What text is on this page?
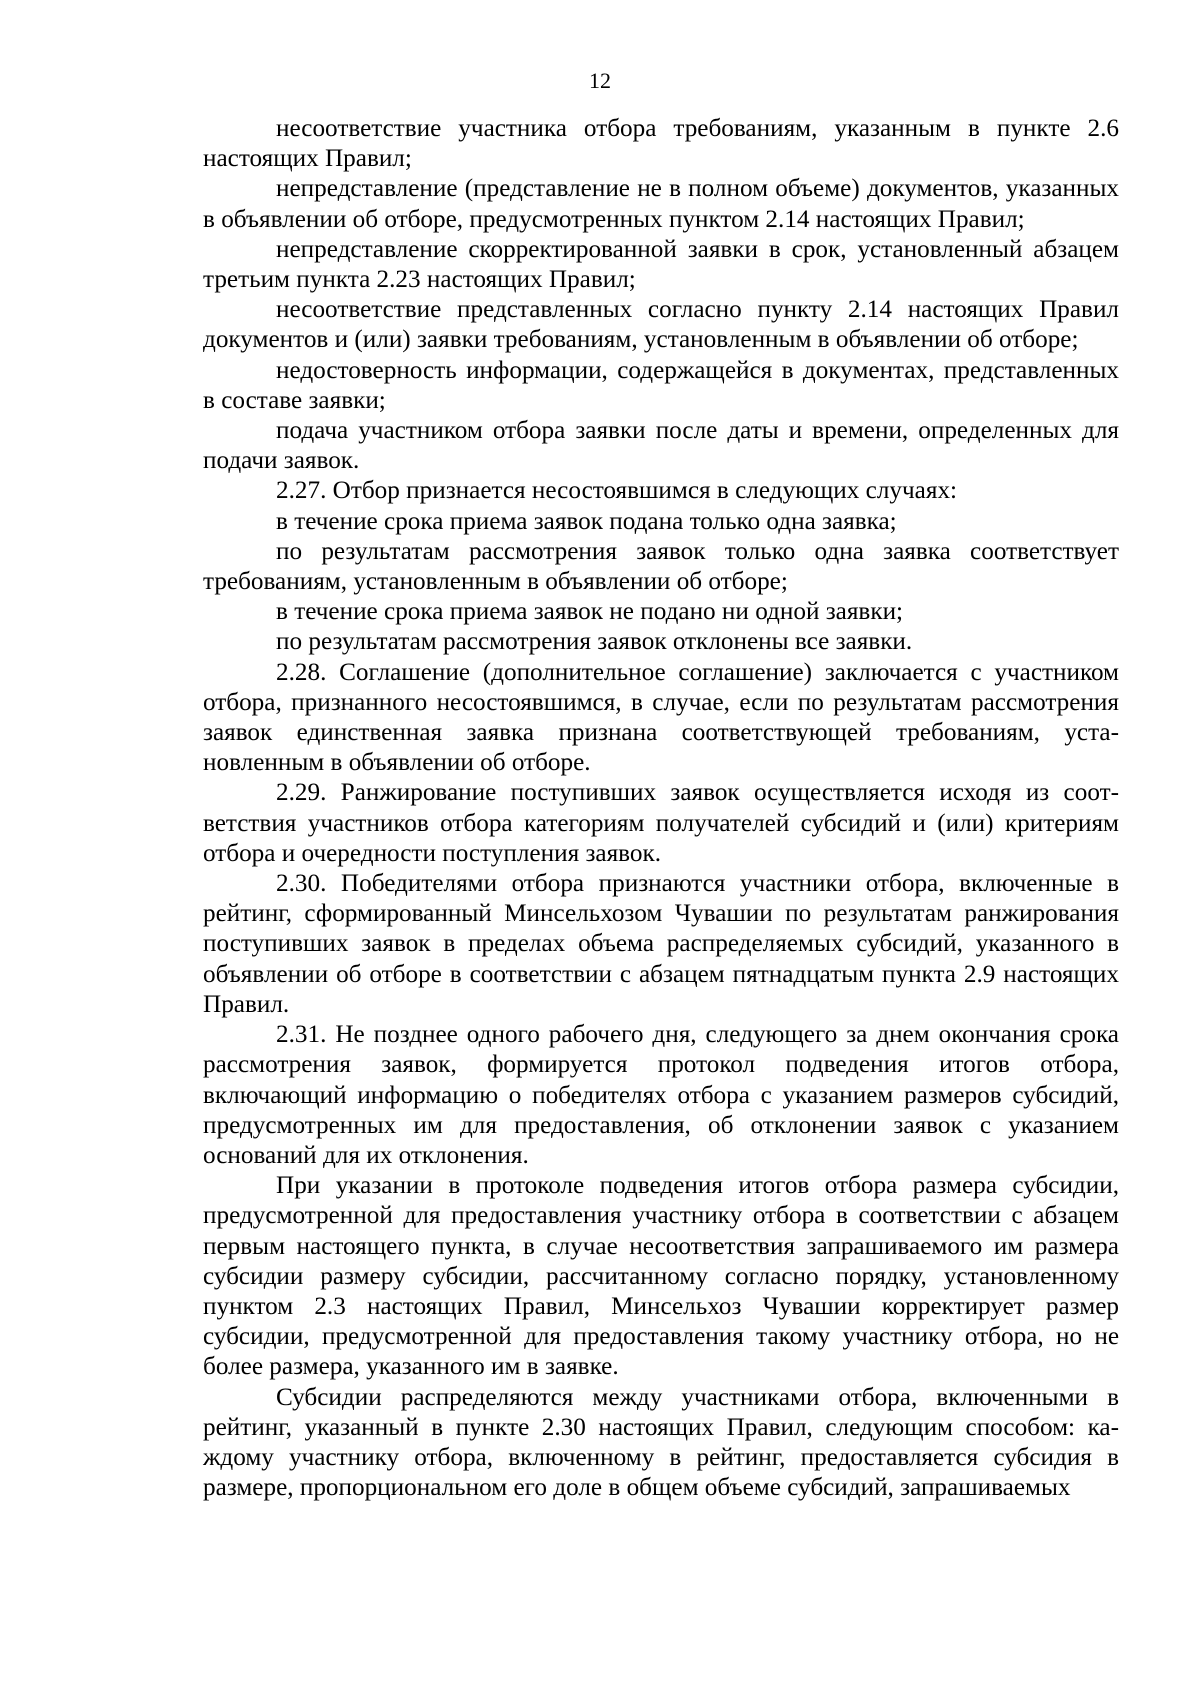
12

несоответствие участника отбора требованиям, указанным в пункте 2.6 настоящих Правил;

непредставление (представление не в полном объеме) документов, указанных в объявлении об отборе, предусмотренных пунктом 2.14 настоящих Правил;

непредставление скорректированной заявки в срок, установленный абзацем третьим пункта 2.23 настоящих Правил;

несоответствие представленных согласно пункту 2.14 настоящих Правил документов и (или) заявки требованиям, установленным в объявлении об отборе;

недостоверность информации, содержащейся в документах, представленных в составе заявки;

подача участником отбора заявки после даты и времени, определенных для подачи заявок.

2.27. Отбор признается несостоявшимся в следующих случаях:

в течение срока приема заявок подана только одна заявка;

по результатам рассмотрения заявок только одна заявка соответствует требованиям, установленным в объявлении об отборе;

в течение срока приема заявок не подано ни одной заявки;

по результатам рассмотрения заявок отклонены все заявки.

2.28. Соглашение (дополнительное соглашение) заключается с участником отбора, признанного несостоявшимся, в случае, если по результатам рассмотрения заявок единственная заявка признана соответствующей требованиям, установленным в объявлении об отборе.

2.29. Ранжирование поступивших заявок осуществляется исходя из соответствия участников отбора категориям получателей субсидий и (или) критериям отбора и очередности поступления заявок.

2.30. Победителями отбора признаются участники отбора, включенные в рейтинг, сформированный Минсельхозом Чувашии по результатам ранжирования поступивших заявок в пределах объема распределяемых субсидий, указанного в объявлении об отборе в соответствии с абзацем пятнадцатым пункта 2.9 настоящих Правил.

2.31. Не позднее одного рабочего дня, следующего за днем окончания срока рассмотрения заявок, формируется протокол подведения итогов отбора, включающий информацию о победителях отбора с указанием размеров субсидий, предусмотренных им для предоставления, об отклонении заявок с указанием оснований для их отклонения.

При указании в протоколе подведения итогов отбора размера субсидии, предусмотренной для предоставления участнику отбора в соответствии с абзацем первым настоящего пункта, в случае несоответствия запрашиваемого им размера субсидии размеру субсидии, рассчитанному согласно порядку, установленному пунктом 2.3 настоящих Правил, Минсельхоз Чувашии корректирует размер субсидии, предусмотренной для предоставления такому участнику отбора, но не более размера, указанного им в заявке.

Субсидии распределяются между участниками отбора, включенными в рейтинг, указанный в пункте 2.30 настоящих Правил, следующим способом: каждому участнику отбора, включенному в рейтинг, предоставляется субсидия в размере, пропорциональном его доле в общем объеме субсидий, запрашиваемых
